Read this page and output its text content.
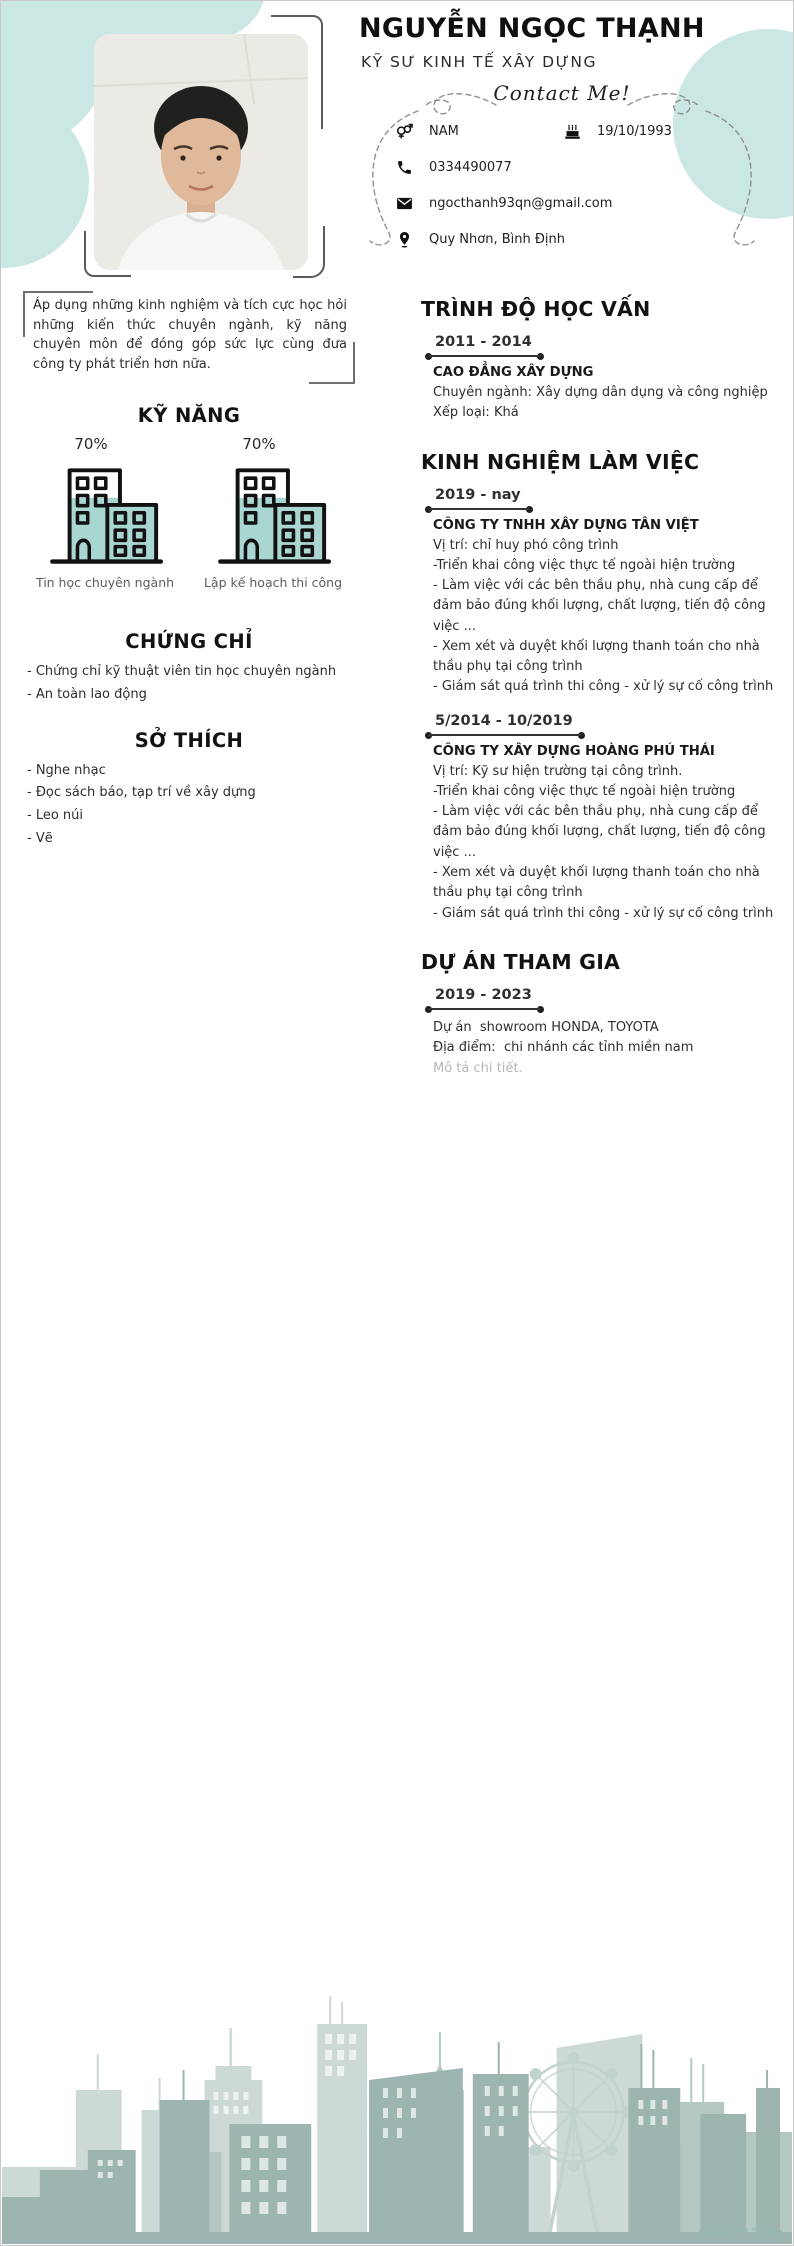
NGUYỄN NGỌC THẠNH
KỸ SƯ KINH TẾ XÂY DỰNG
Contact Me!
NAM	19/10/1993
0334490077
ngocthanh93qn@gmail.com
Quy Nhơn, Bình Định
Áp dụng những kinh nghiệm và tích cực học hỏi những kiến thức chuyên ngành, kỹ năng chuyên môn để đóng góp sức lực cùng đưa công ty phát triển hơn nữa.
KỸ NĂNG
70%
Tin học chuyên ngành
70%
Lập kế hoạch thi công
CHỨNG CHỈ
- Chứng chỉ kỹ thuật viên tin học chuyên ngành
- An toàn lao động
SỞ THÍCH
- Nghe nhạc
- Đọc sách báo, tạp trí về xây dựng
- Leo núi
- Vẽ
TRÌNH ĐỘ HỌC VẤN
2011 - 2014
CAO ĐẲNG XÂY DỰNG
Chuyên ngành: Xây dựng dân dụng và công nghiệp
Xếp loại: Khá
KINH NGHIỆM LÀM VIỆC
2019 - nay
CÔNG TY TNHH XÂY DỰNG TÂN VIỆT
Vị trí: chỉ huy phó công trình
-Triển khai công việc thực tế ngoài hiện trường
- Làm việc với các bên thầu phụ, nhà cung cấp để đảm bảo đúng khối lượng, chất lượng, tiến độ công việc ...
- Xem xét và duyệt khối lượng thanh toán cho nhà thầu phụ tại công trình
- Giám sát quá trình thi công - xử lý sự cố công trình
5/2014 - 10/2019
CÔNG TY XÂY DỰNG HOÀNG PHÚ THÁI
Vị trí: Kỹ sư hiện trường tại công trình.
-Triển khai công việc thực tế ngoài hiện trường
- Làm việc với các bên thầu phụ, nhà cung cấp để đảm bảo đúng khối lượng, chất lượng, tiến độ công việc ...
- Xem xét và duyệt khối lượng thanh toán cho nhà thầu phụ tại công trình
- Giám sát quá trình thi công - xử lý sự cố công trình
DỰ ÁN THAM GIA
2019 - 2023
Dự án  showroom HONDA, TOYOTA
Địa điểm:  chi nhánh các tỉnh miền nam
Mô tả chi tiết.
vieclam123.vn
